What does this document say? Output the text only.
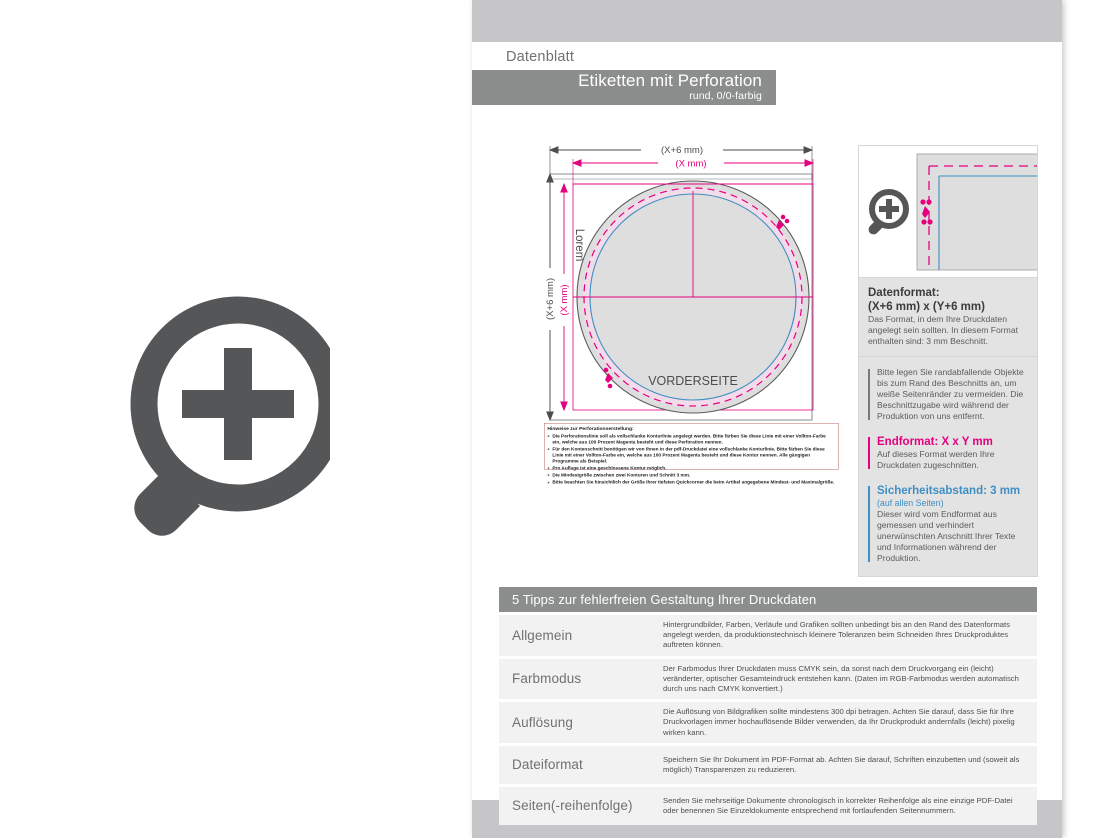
Datenblatt
Etiketten mit Perforation
rund, 0/0-farbig
(X+6 mm)
(X mm)
(X+6 mm) (X mm)
Lorem
VORDERSEITE
Hinweise zur Perforationserstellung:
▸ Die Perforationslinie soll als vollschlanke Konturlinie angelegt werden. Bitte färben Sie diese Linie mit einer Vollton-Farbe ein, welche aus 100 Prozent Magenta besteht und diese Perforation nennen.
▸ Für den Kontenschnitt benötigen wir von Ihnen in der pdf-Druckdatei eine vollschlanke Konturlinie. Bitte färben Sie diese Linie mit einer Vollton-Farbe ein, welche aus 100 Prozent Magenta besteht und diese Kontur nennen. Alle gängigen Programme als Beispiel.
▸ Pro Auflage ist eine geschlossene Kontur möglich.
▸ Die Mindestgröße zwischen zwei Konturen und Schnitt 3 mm.
▸ Bitte beachten Sie hinsichtlich der Größe Ihrer tiefsten Quickcorner die beim Artikel angegebene Mindest- und Maximalgröße.
Datenformat:
(X+6 mm) x (Y+6 mm)
Das Format, in dem Ihre Druckdaten angelegt sein sollten. In diesem Format enthalten sind: 3 mm Beschnitt.
Bitte legen Sie randabfallende Objekte bis zum Rand des Beschnitts an, um weiße Seitenränder zu vermeiden. Die Beschnittzugabe wird während der Produktion von uns entfernt.
Endformat: X x Y mm
Auf dieses Format werden Ihre Druckdaten zugeschnitten.
Sicherheitsabstand: 3 mm
(auf allen Seiten)
Dieser wird vom Endformat aus gemessen und verhindert unerwünschten Anschnitt Ihrer Texte und Informationen während der Produktion.
5 Tipps zur fehlerfreien Gestaltung Ihrer Druckdaten
Allgemein
Hintergrundbilder, Farben, Verläufe und Grafiken sollten unbedingt bis an den Rand des Datenformats angelegt werden, da produktionstechnisch kleinere Toleranzen beim Schneiden Ihres Druckproduktes auftreten können.
Farbmodus
Der Farbmodus Ihrer Druckdaten muss CMYK sein, da sonst nach dem Druckvorgang ein (leicht) veränderter, optischer Gesamteindruck entstehen kann. (Daten im RGB-Farbmodus werden automatisch durch uns nach CMYK konvertiert.)
Auflösung
Die Auflösung von Bildgrafiken sollte mindestens 300 dpi betragen. Achten Sie darauf, dass Sie für Ihre Druckvorlagen immer hochauflösende Bilder verwenden, da Ihr Druckprodukt andernfalls (leicht) pixelig wirken kann.
Dateiformat	Speichern Sie Ihr Dokument im PDF-Format ab. Achten Sie darauf, Schriften einzubetten und (soweit als möglich) Transparenzen zu reduzieren.
Seiten(-reihenfolge)	Senden Sie mehrseitige Dokumente chronologisch in korrekter Reihenfolge als eine einzige PDF-Datei oder benennen Sie Einzeldokumente entsprechend mit fortlaufenden Seitennummern.
